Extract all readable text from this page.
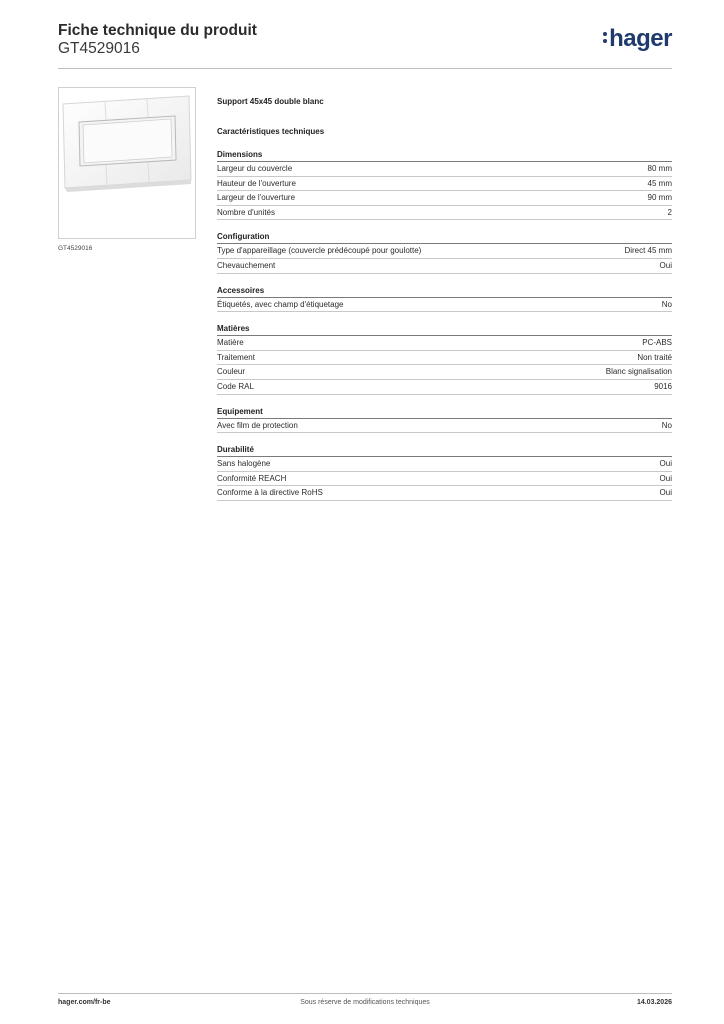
Fiche technique du produit
GT4529016	hager
GT4529016
Support 45x45 double blanc
Caractéristiques techniques
Dimensions
Largeur du couvercle	80 mm
Hauteur de l'ouverture	45 mm
Largeur de l'ouverture	90 mm
Nombre d'unités	2
Configuration
Type d'appareillage (couvercle prédécoupé pour goulotte)	Direct 45 mm
Chevauchement	Oui
Accessoires
Étiquetés, avec champ d'étiquetage	No
Matières
Matière	PC-ABS
Traitement	Non traité
Couleur	Blanc signalisation
Code RAL	9016
Equipement
Avec film de protection	No
Durabilité
Sans halogène	Oui
Conformité REACH	Oui
Conforme à la directive RoHS	Oui
hager.com/fr-be	Sous réserve de modifications techniques	14.03.2026
